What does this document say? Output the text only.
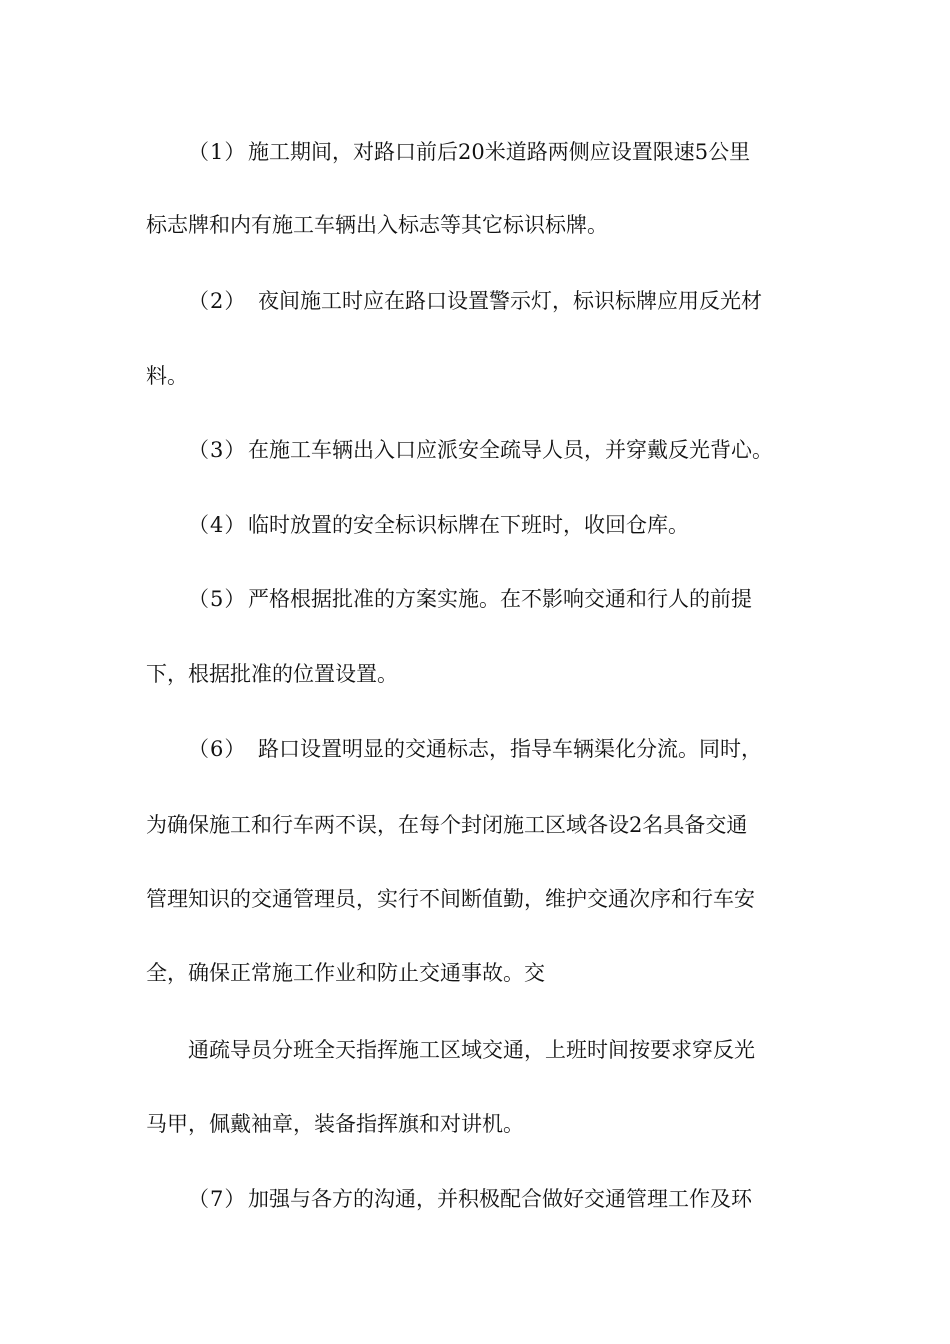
（1）施工期间，对路口前后20米道路两侧应设置限速5公里
标志牌和内有施工车辆出入标志等其它标识标牌。
（2） 夜间施工时应在路口设置警示灯，标识标牌应用反光材
料。
（3）在施工车辆出入口应派安全疏导人员，并穿戴反光背心。
（4）临时放置的安全标识标牌在下班时，收回仓库。
（5）严格根据批准的方案实施。在不影响交通和行人的前提
下，根据批准的位置设置。
（6） 路口设置明显的交通标志，指导车辆渠化分流。同时，
为确保施工和行车两不误，在每个封闭施工区域各设2名具备交通
管理知识的交通管理员，实行不间断值勤，维护交通次序和行车安
全，确保正常施工作业和防止交通事故。交
通疏导员分班全天指挥施工区域交通，上班时间按要求穿反光
马甲，佩戴袖章，装备指挥旗和对讲机。
（7）加强与各方的沟通，并积极配合做好交通管理工作及环
